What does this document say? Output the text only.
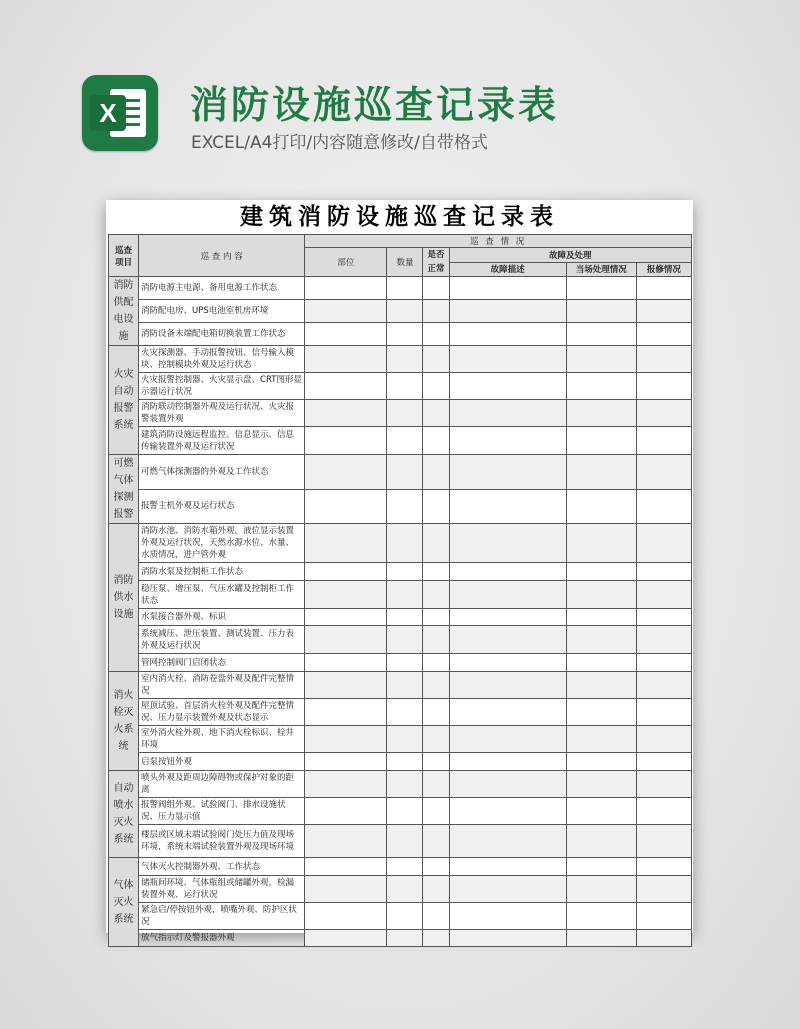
X 消防设施巡查记录表
EXCEL/A4打印/内容随意修改/自带格式
建筑消防设施巡查记录表
巡查项目	巡 查 内 容	巡 查 情 况					
		部位	数量	是否正常	故障及处理		
					故障描述	当场处理情况	报修情况
消防供配电设施	消防电源主电源、备用电源工作状态						
	消防配电房、UPS电池室机房环境						
	消防设备末端配电箱切换装置工作状态						
火灾自动报警系统	火灾探测器、手动报警按钮、信号输入模块、控制模块外观及运行状态						
	火灾报警控制器、火灾显示盘、CRT图形显示器运行状况						
	消防联动控制器外观及运行状况、火灾报警装置外观						
	建筑消防设施远程监控、信息显示、信息传输装置外观及运行状况						
可燃气体探测报警	可燃气体探测器的外观及工作状态						
	报警主机外观及运行状态						
消防供水设施	消防水池、消防水箱外观，液位显示装置外观及运行状况，天然水源水位、水量、水质情况，进户管外观						
	消防水泵及控制柜工作状态						
	稳压泵、增压泵、气压水罐及控制柜工作状态						
	水泵接合器外观、标识						
	系统减压、泄压装置、测试装置、压力表外观及运行状况						
	管网控制阀门启闭状态						
消火栓灭火系统	室内消火栓、消防卷盘外观及配件完整情况						
	屋顶试验、首层消火栓外观及配件完整情况、压力显示装置外观及状态显示						
	室外消火栓外观、地下消火栓标识、栓井环境						
	启泵按钮外观						
自动喷水灭火系统	喷头外观及距周边障碍物或保护对象的距离						
	报警阀组外观、试验阀门、排水设施状况、压力显示值						
	楼层或区域末端试验阀门处压力值及现场环境，系统末端试验装置外观及现场环境						
气体灭火系统	气体灭火控制器外观、工作状态						
	储瓶间环境、气体瓶组或储罐外观，检漏装置外观、运行状况						
	紧急启/停按钮外观，喷嘴外观、防护区状况						
	放气指示灯及警报器外观						
